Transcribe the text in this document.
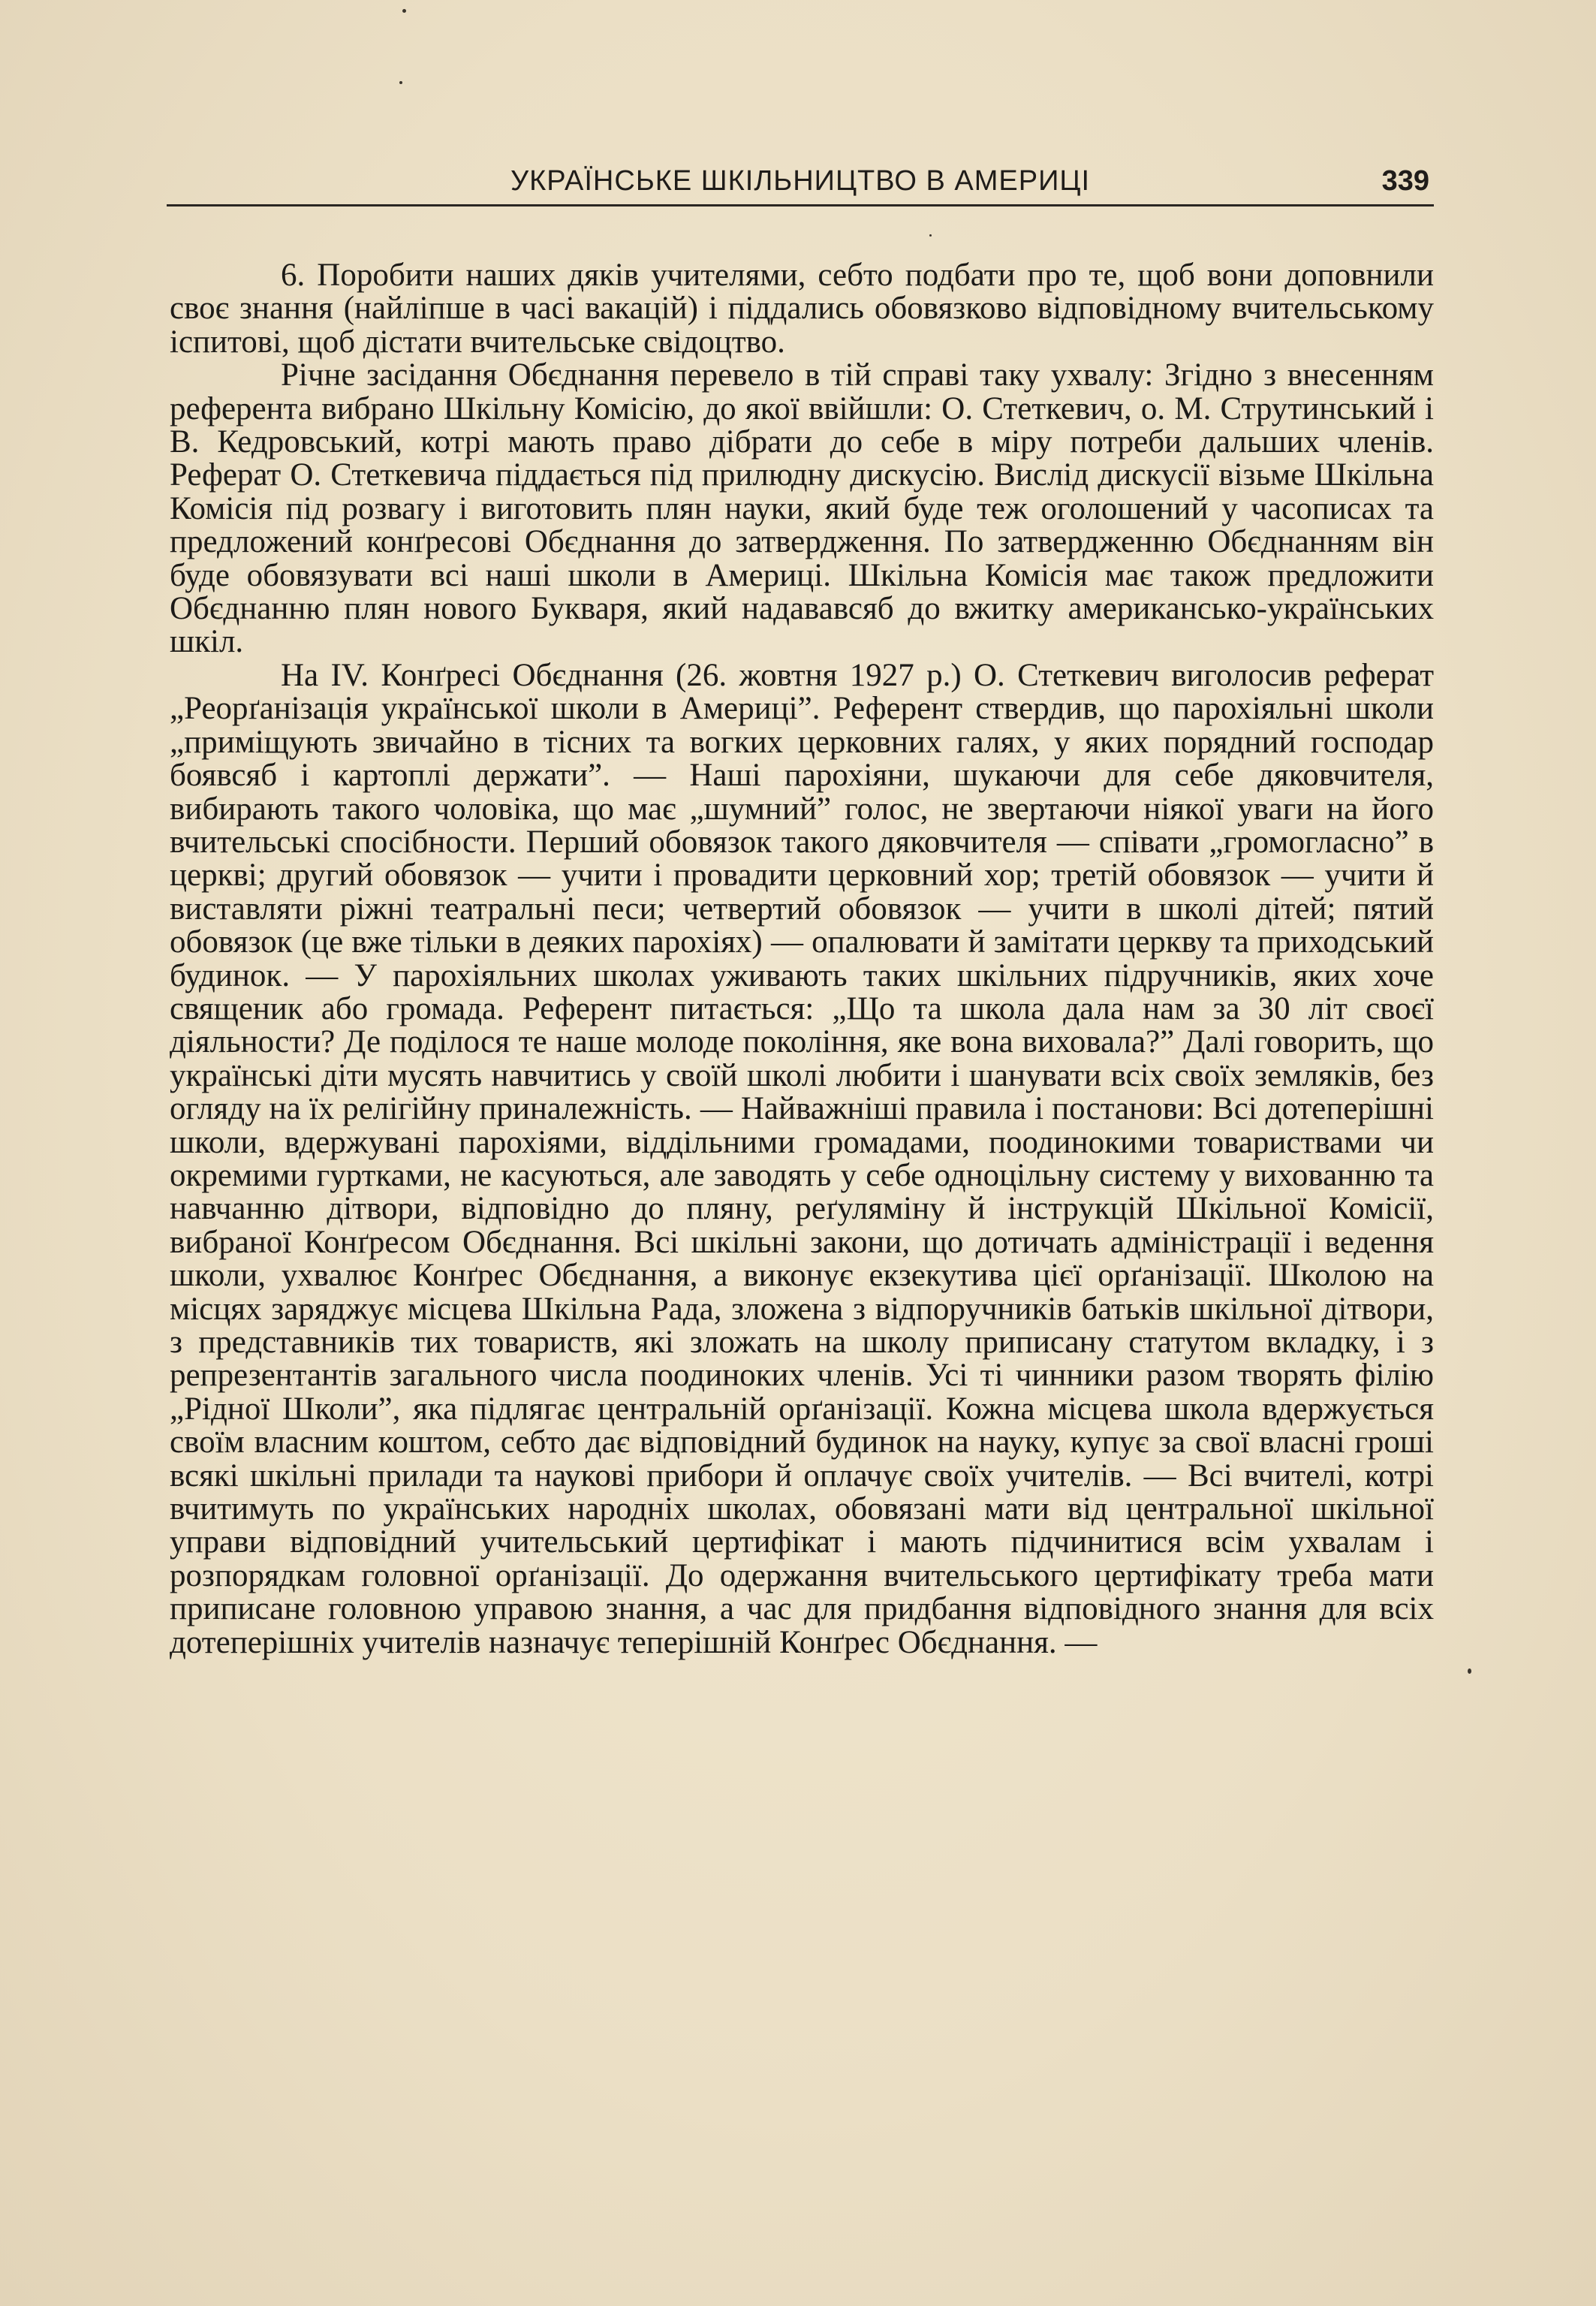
УКРАЇНСЬКЕ ШКІЛЬНИЦТВО В АМЕРИЦІ	339

6. Поробити наших дяків учителями, себто подбати про те, щоб вони доповнили своє знання (найліпше в часі вакацій) і піддались обовязково відповідному вчительському іспитові, щоб дістати вчительське свідоцтво.

Річне засідання Обєднання перевело в тій справі таку ухвалу: Згідно з внесенням референта вибрано Шкільну Комісію, до якої ввійшли: О. Стеткевич, о. М. Струтинський і В. Кедровський, котрі мають право дібрати до себе в міру потреби дальших членів. Реферат О. Стеткевича піддається під прилюдну дискусію. Вислід дискусії візьме Шкільна Комісія під розвагу і виготовить плян науки, який буде теж оголошений у часописах та предложений конґресові Обєднання до затвердження. По затвердженню Обєднанням він буде обовязувати всі наші школи в Америці. Шкільна Комісія має також предложити Обєднанню плян нового Букваря, який надававсяб до вжитку американсько-українських шкіл.

На IV. Конґресі Обєднання (26. жовтня 1927 р.) О. Стеткевич виголосив реферат „Реорґанізація української школи в Америці”. Референт ствердив, що парохіяльні школи „приміщують звичайно в тісних та вогких церковних галях, у яких порядний господар боявсяб і картоплі держати”. — Наші парохіяни, шукаючи для себе дяковчителя, вибирають такого чоловіка, що має „шумний” голос, не звертаючи ніякої уваги на його вчительські спосібности. Перший обовязок такого дяковчителя — співати „громогласно” в церкві; другий обовязок — учити і провадити церковний хор; третій обовязок — учити й виставляти ріжні театральні песи; четвертий обовязок — учити в школі дітей; пятий обовязок (це вже тільки в деяких парохіях) — опалювати й замітати церкву та приходський будинок. — У парохіяльних школах уживають таких шкільних підручників, яких хоче священик або громада. Референт питається: „Що та школа дала нам за 30 літ своєї діяльности? Де поділося те наше молоде покоління, яке вона виховала?” Далі говорить, що українські діти мусять навчитись у своїй школі любити і шанувати всіх своїх земляків, без огляду на їх релігійну приналежність. — Найважніші правила і постанови: Всі дотеперішні школи, вдержувані парохіями, віддільними громадами, поодинокими товариствами чи окремими гуртками, не касуються, але заводять у себе одноцільну систему у вихованню та навчанню дітвори, відповідно до пляну, реґуляміну й інструкцій Шкільної Комісії, вибраної Конґресом Обєднання. Всі шкільні закони, що дотичать адміністрації і ведення школи, ухвалює Конґрес Обєднання, а виконує екзекутива цієї орґанізації. Школою на місцях заряджує місцева Шкільна Рада, зложена з відпоручників батьків шкільної дітвори, з представників тих товариств, які зложать на школу приписану статутом вкладку, і з репрезентантів загального числа поодиноких членів. Усі ті чинники разом творять філію „Рідної Школи”, яка підлягає центральній орґанізації. Кожна місцева школа вдержується своїм власним коштом, себто дає відповідний будинок на науку, купує за свої власні гроші всякі шкільні прилади та наукові прибори й оплачує своїх учителів. — Всі вчителі, котрі вчитимуть по українських народніх школах, обовязані мати від центральної шкільної управи відповідний учительський цертифікат і мають підчинитися всім ухвалам і розпорядкам головної орґанізації. До одержання вчительського цертифікату треба мати приписане головною управою знання, а час для придбання відповідного знання для всіх дотеперішніх учителів назначує теперішній Конґрес Обєднання. —
